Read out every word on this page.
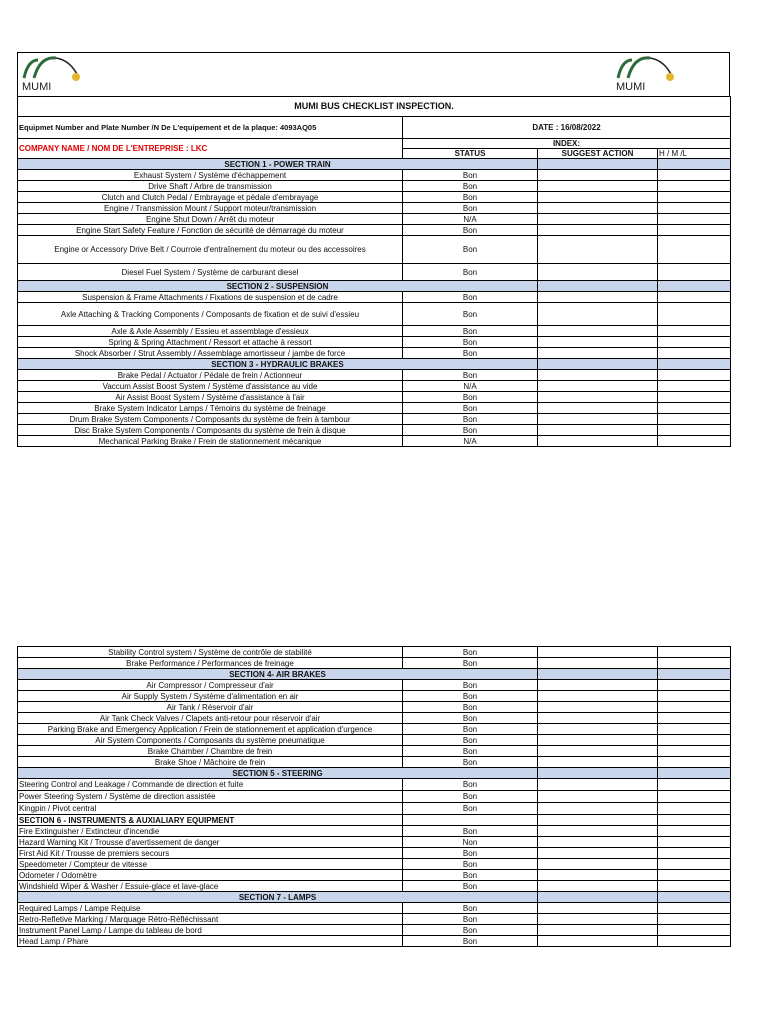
MUMI	MUMI
MUMI BUS CHECKLIST INSPECTION.			
Equipmet Number and Plate Number /N De L'equipement et de la plaque: 4093AQ05	DATE : 16/08/2022		
COMPANY NAME / NOM DE L'ENTREPRISE : LKC	INDEX:		
	STATUS	SUGGEST ACTION	H / M /L
SECTION 1 - POWER TRAIN			
Exhaust System / Système d'échappement	Bon		
Drive Shaft / Arbre de transmission	Bon		
Clutch and Clutch Pedal / Embrayage et pédale d'embrayage	Bon		
Engine / Transmission Mount / Support moteur/transmission	Bon		
Engine Shut Down / Arrêt du moteur	N/A		
Engine Start Safety Feature / Fonction de sécurité de démarrage du moteur	Bon		
Engine or Accessory Drive Belt / Courroie d'entraînement du moteur ou des accessoires	Bon		
Diesel Fuel System / Système de carburant diesel	Bon		
SECTION 2 - SUSPENSION			
Suspension & Frame Attachments / Fixations de suspension et de cadre	Bon		
Axle Attaching & Tracking Components / Composants de fixation et de suivi d'essieu	Bon		
Axle & Axle Assembly / Essieu et assemblage d'essieux	Bon		
Spring & Spring Attachment / Ressort et attache à ressort	Bon		
Shock Absorber / Strut Assembly / Assemblage amortisseur / jambe de force	Bon		
SECTION 3 - HYDRAULIC BRAKES			
Brake Pedal / Actuator / Pédale de frein / Actionneur	Bon		
Vaccum Assist Boost System / Système d'assistance au vide	N/A		
Air Assist Boost System / Système d'assistance à l'air	Bon		
Brake System Indicator Lamps / Témoins du système de freinage	Bon		
Drum Brake System Components / Composants du système de frein à tambour	Bon		
Disc Brake System Components / Composants du système de frein à disque	Bon		
Mechanical Parking Brake / Frein de stationnement mécanique	N/A		
Stability Control system / Système de contrôle de stabilité	Bon		
Brake Performance / Performances de freinage	Bon		
SECTION 4- AIR BRAKES			
Air Compressor / Compresseur d'air	Bon		
Air Supply System / Système d'alimentation en air	Bon		
Air Tank / Réservoir d'air	Bon		
Air Tank Check Valves / Clapets anti-retour pour réservoir d'air	Bon		
Parking Brake and Emergency Application / Frein de stationnement et application d'urgence	Bon		
Air System Components / Composants du système pneumatique	Bon		
Brake Chamber / Chambre de frein	Bon		
Brake Shoe / Mâchoire de frein	Bon		
SECTION 5 - STEERING			
Steering Control and Leakage / Commande de direction et fuite	Bon		
Power Steering System / Système de direction assistée	Bon		
Kingpin / Pivot central	Bon		
SECTION 6 - INSTRUMENTS & AUXIALIARY EQUIPMENT			
Fire Extinguisher / Extincteur d'incendie	Bon		
Hazard Warning Kit / Trousse d'avertissement de danger	Non		
First Aid Kit / Trousse de premiers secours	Bon		
Speedometer / Compteur de vitesse	Bon		
Odometer / Odomètre	Bon		
Windshield Wiper & Washer / Essuie-glace et lave-glace	Bon		
SECTION 7 - LAMPS			
Required Lamps / Lampe Requise	Bon		
Retro-Refletive Marking / Marquage Rétro-Réfléchissant	Bon		
Instrument Panel Lamp / Lampe du tableau de bord	Bon		
Head Lamp / Phare	Bon		
